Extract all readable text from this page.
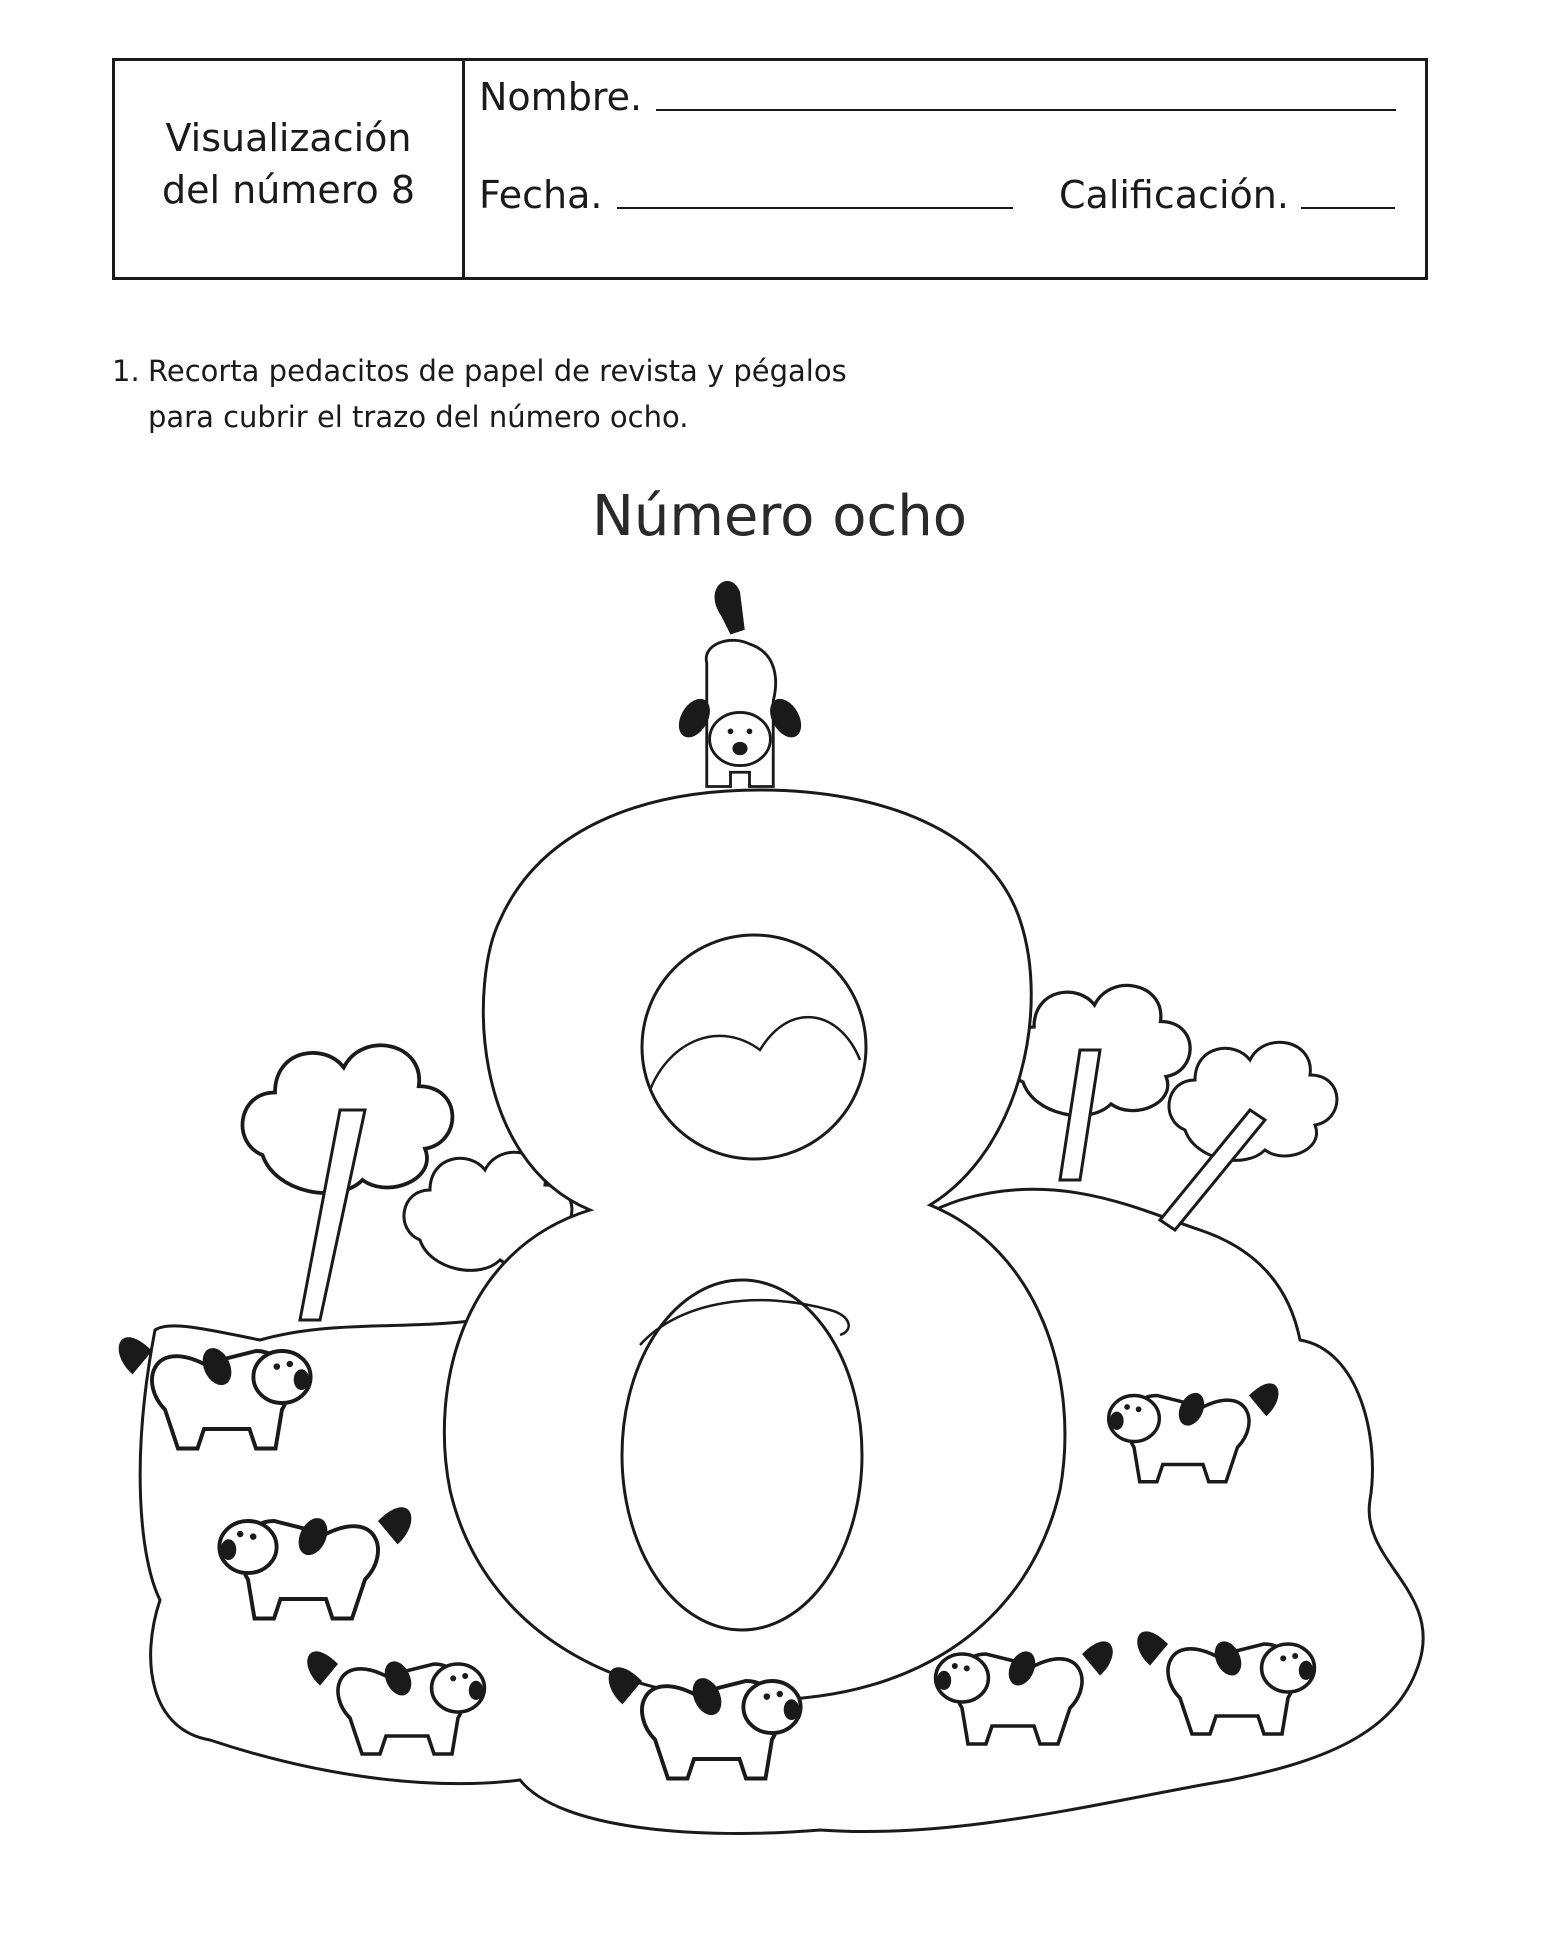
Visualización
del número 8
Nombre.
Fecha.	Calificación.
1. Recorta pedacitos de papel de revista y pégalos
para cubrir el trazo del número ocho.
Número ocho
